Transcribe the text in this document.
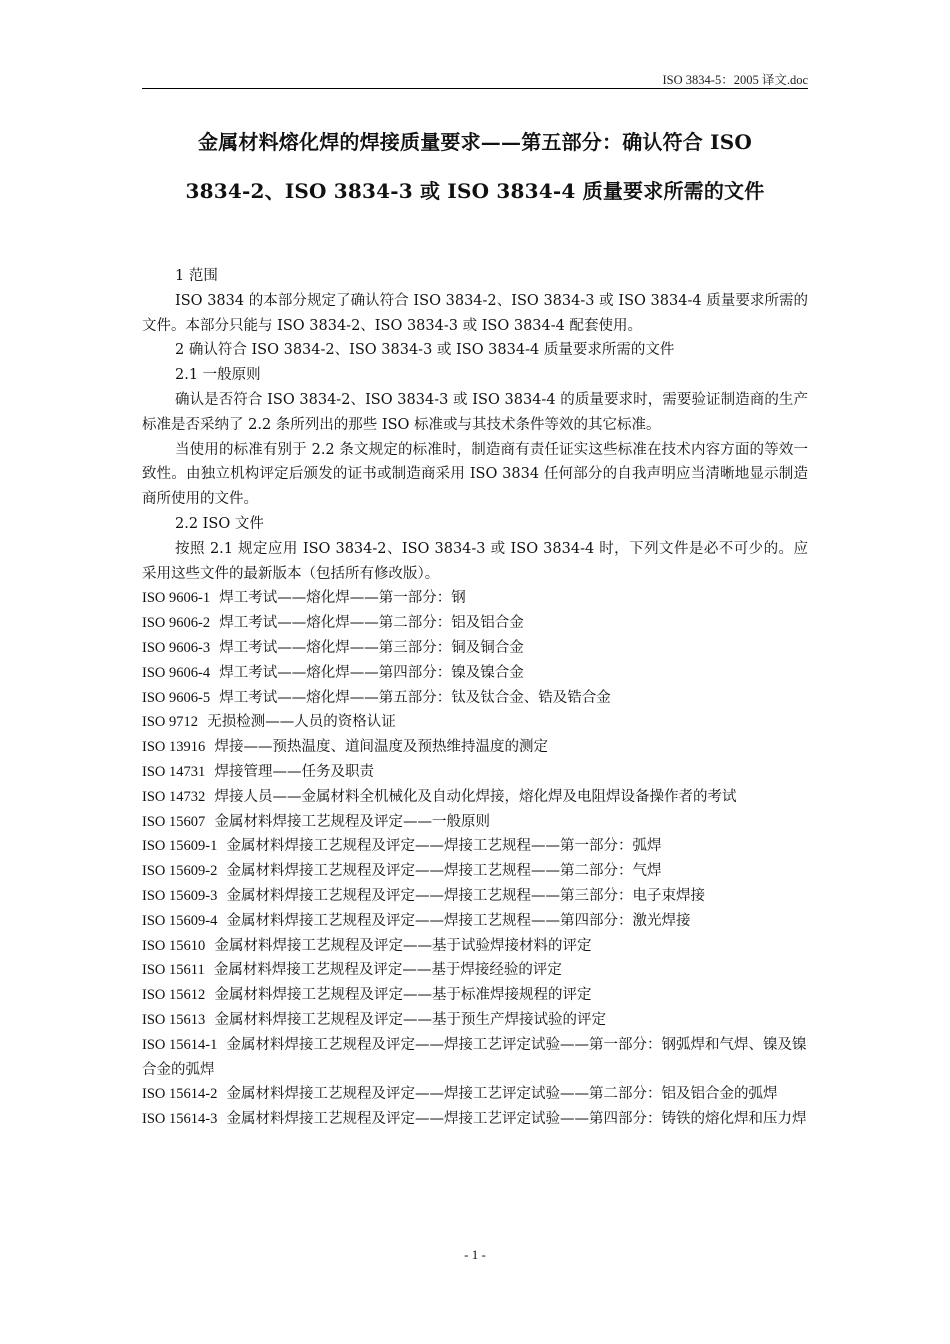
ISO 3834-5：2005 译文.doc
金属材料熔化焊的焊接质量要求——第五部分：确认符合 ISO
3834-2、ISO 3834-3 或 ISO 3834-4 质量要求所需的文件

1 范围

ISO 3834 的本部分规定了确认符合 ISO 3834-2、ISO 3834-3 或 ISO 3834-4 质量要求所需的文件。本部分只能与 ISO 3834-2、ISO 3834-3 或 ISO 3834-4 配套使用。

2 确认符合 ISO 3834-2、ISO 3834-3 或 ISO 3834-4 质量要求所需的文件

2.1 一般原则

确认是否符合 ISO 3834-2、ISO 3834-3 或 ISO 3834-4 的质量要求时，需要验证制造商的生产标准是否采纳了 2.2 条所列出的那些 ISO 标准或与其技术条件等效的其它标准。

当使用的标准有别于 2.2 条文规定的标准时，制造商有责任证实这些标准在技术内容方面的等效一致性。由独立机构评定后颁发的证书或制造商采用 ISO 3834 任何部分的自我声明应当清晰地显示制造商所使用的文件。

2.2 ISO 文件

按照 2.1 规定应用 ISO 3834-2、ISO 3834-3 或 ISO 3834-4 时，下列文件是必不可少的。应采用这些文件的最新版本（包括所有修改版）。

ISO 9606-1 焊工考试——熔化焊——第一部分：钢

ISO 9606-2 焊工考试——熔化焊——第二部分：铝及铝合金

ISO 9606-3 焊工考试——熔化焊——第三部分：铜及铜合金

ISO 9606-4 焊工考试——熔化焊——第四部分：镍及镍合金

ISO 9606-5 焊工考试——熔化焊——第五部分：钛及钛合金、锆及锆合金

ISO 9712 无损检测——人员的资格认证

ISO 13916 焊接——预热温度、道间温度及预热维持温度的测定

ISO 14731 焊接管理——任务及职责

ISO 14732 焊接人员——金属材料全机械化及自动化焊接，熔化焊及电阻焊设备操作者的考试

ISO 15607 金属材料焊接工艺规程及评定——一般原则

ISO 15609-1 金属材料焊接工艺规程及评定——焊接工艺规程——第一部分：弧焊

ISO 15609-2 金属材料焊接工艺规程及评定——焊接工艺规程——第二部分：气焊

ISO 15609-3 金属材料焊接工艺规程及评定——焊接工艺规程——第三部分：电子束焊接

ISO 15609-4 金属材料焊接工艺规程及评定——焊接工艺规程——第四部分：激光焊接

ISO 15610 金属材料焊接工艺规程及评定——基于试验焊接材料的评定

ISO 15611 金属材料焊接工艺规程及评定——基于焊接经验的评定

ISO 15612 金属材料焊接工艺规程及评定——基于标准焊接规程的评定

ISO 15613 金属材料焊接工艺规程及评定——基于预生产焊接试验的评定

ISO 15614-1 金属材料焊接工艺规程及评定——焊接工艺评定试验——第一部分：钢弧焊和气焊、镍及镍合金的弧焊

ISO 15614-2 金属材料焊接工艺规程及评定——焊接工艺评定试验——第二部分：铝及铝合金的弧焊

ISO 15614-3 金属材料焊接工艺规程及评定——焊接工艺评定试验——第四部分：铸铁的熔化焊和压力焊

- 1 -
